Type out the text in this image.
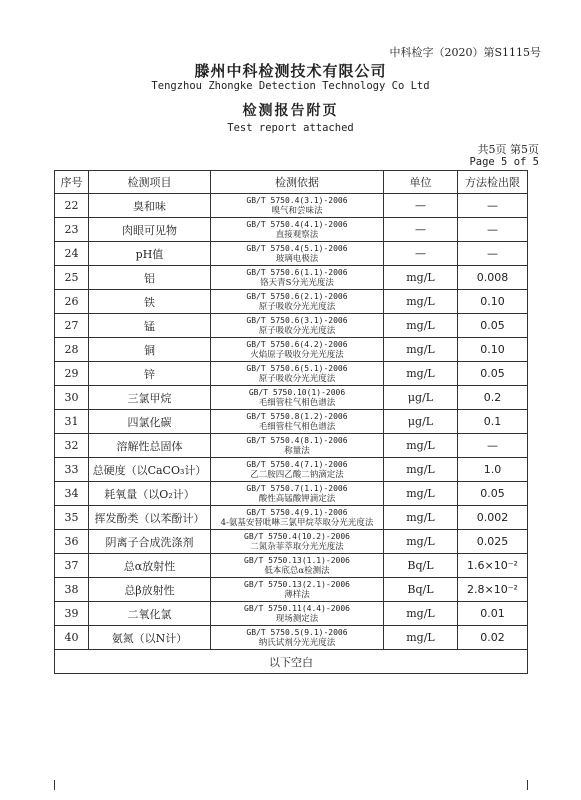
中科检字（2020）第S1115号
滕州中科检测技术有限公司
Tengzhou Zhongke Detection Technology Co Ltd
检测报告附页
Test report attached
共5页 第5页
Page 5 of 5
序号	检测项目	检测依据	单位	方法检出限
22	臭和味	GB/T 5750.4(3.1)-2006
嗅气和尝味法	—	—
23	肉眼可见物	GB/T 5750.4(4.1)-2006
直接观察法	—	—
24	pH值	GB/T 5750.4(5.1)-2006
玻璃电极法	—	—
25	铝	GB/T 5750.6(1.1)-2006
铬天青S分光光度法	mg/L	0.008
26	铁	GB/T 5750.6(2.1)-2006
原子吸收分光光度法	mg/L	0.10
27	锰	GB/T 5750.6(3.1)-2006
原子吸收分光光度法	mg/L	0.05
28	铜	GB/T 5750.6(4.2)-2006
火焰原子吸收分光光度法	mg/L	0.10
29	锌	GB/T 5750.6(5.1)-2006
原子吸收分光光度法	mg/L	0.05
30	三氯甲烷	GB/T 5750.10(1)-2006
毛细管柱气相色谱法	μg/L	0.2
31	四氯化碳	GB/T 5750.8(1.2)-2006
毛细管柱气相色谱法	μg/L	0.1
32	溶解性总固体	GB/T 5750.4(8.1)-2006
称量法	mg/L	—
33	总硬度（以CaCO₃计）	GB/T 5750.4(7.1)-2006
乙二胺四乙酸二钠滴定法	mg/L	1.0
34	耗氧量（以O₂计）	GB/T 5750.7(1.1)-2006
酸性高锰酸钾滴定法	mg/L	0.05
35	挥发酚类（以苯酚计）	GB/T 5750.4(9.1)-2006
4-氨基安替吡啉三氯甲烷萃取分光光度法	mg/L	0.002
36	阴离子合成洗涤剂	GB/T 5750.4(10.2)-2006
二氮杂菲萃取分光光度法	mg/L	0.025
37	总α放射性	GB/T 5750.13(1.1)-2006
低本底总α检测法	Bq/L	1.6×10⁻²
38	总β放射性	GB/T 5750.13(2.1)-2006
薄样法	Bq/L	2.8×10⁻²
39	二氧化氯	GB/T 5750.11(4.4)-2006
现场测定法	mg/L	0.01
40	氨氮（以N计）	GB/T 5750.5(9.1)-2006
纳氏试剂分光光度法	mg/L	0.02
以下空白				
